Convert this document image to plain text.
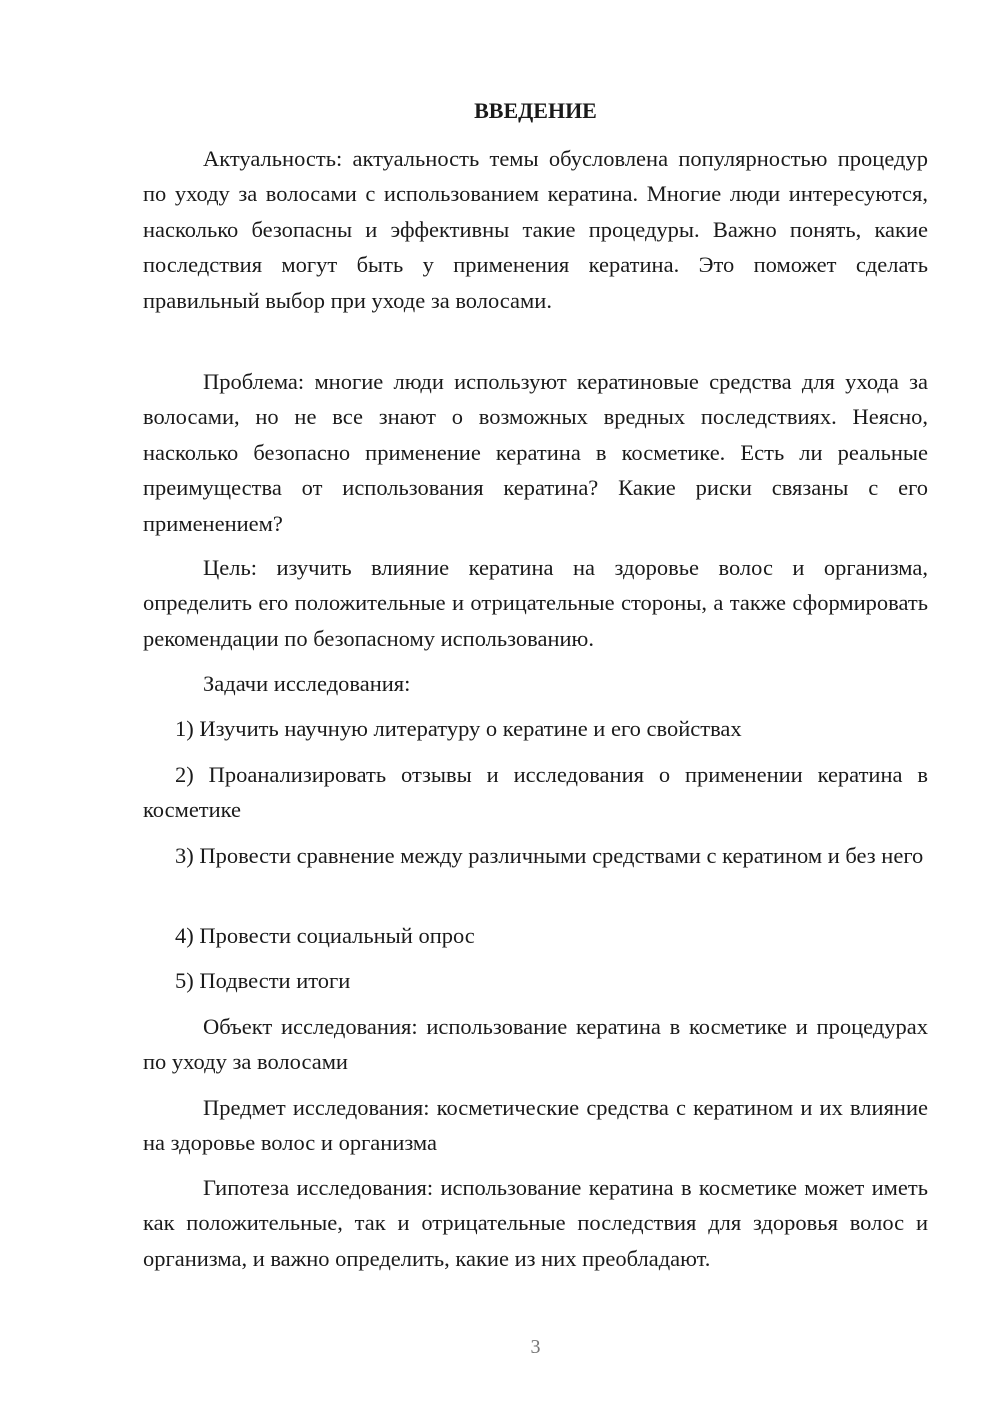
ВВЕДЕНИЕ

Актуальность: актуальность темы обусловлена популярностью процедур по уходу за волосами с использованием кератина. Многие люди интересуются, насколько безопасны и эффективны такие процедуры. Важно понять, какие последствия могут быть у применения кератина. Это поможет сделать правильный выбор при уходе за волосами.

Проблема: многие люди используют кератиновые средства для ухода за волосами, но не все знают о возможных вредных последствиях. Неясно, насколько безопасно применение кератина в косметике. Есть ли реальные преимущества от использования кератина? Какие риски связаны с его применением?

Цель: изучить влияние кератина на здоровье волос и организма, определить его положительные и отрицательные стороны, а также сформировать рекомендации по безопасному использованию.

Задачи исследования:

1) Изучить научную литературу о кератине и его свойствах

2) Проанализировать отзывы и исследования о применении кератина в косметике

3) Провести сравнение между различными средствами с кератином и без него

4) Провести социальный опрос

5) Подвести итоги

Объект исследования: использование кератина в косметике и процедурах по уходу за волосами

Предмет исследования: косметические средства с кератином и их влияние на здоровье волос и организма

Гипотеза исследования: использование кератина в косметике может иметь как положительные, так и отрицательные последствия для здоровья волос и организма, и важно определить, какие из них преобладают.

3
